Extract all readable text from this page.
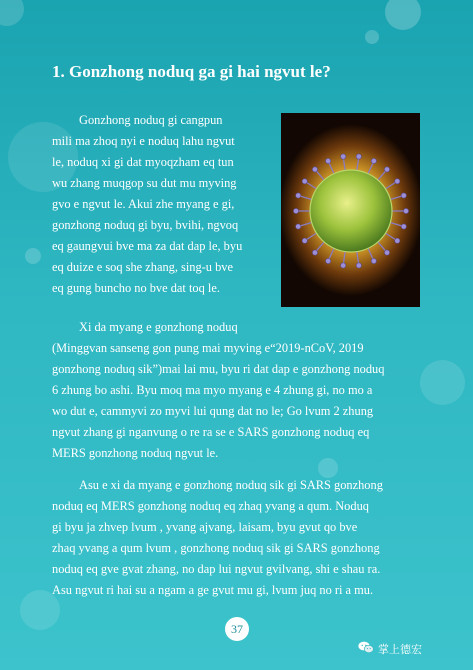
1. Gonzhong noduq ga gi hai ngvut le?

Gonzhong noduq gi cangpun
mili ma zhoq nyi e noduq lahu ngvut
le, noduq xi gi dat myoqzham eq tun
wu zhang muqgop su dut mu myving
gvo e ngvut le. Akui zhe myang e gi,
gonzhong noduq gi byu, bvihi, ngvoq
eq gaungvui bve ma za dat dap le, byu
eq duize e soq she zhang, sing-u bve
eq gung buncho no bve dat toq le.

Xi da myang e gonzhong noduq
(Minggvan sanseng gon pung mai myving e“2019-nCoV, 2019
gonzhong noduq sik”)mai lai mu, byu ri dat dap e gonzhong noduq
6 zhung bo ashi. Byu moq ma myo myang e 4 zhung gi, no mo a
wo dut e, cammyvi zo myvi lui qung dat no le; Go lvum 2 zhung
ngvut zhang gi nganvung o re ra se e SARS gonzhong noduq eq
MERS gonzhong noduq ngvut le.

Asu e xi da myang e gonzhong noduq sik gi SARS gonzhong
noduq eq MERS gonzhong noduq eq zhaq yvang a qum. Noduq
gi byu ja zhvep lvum , yvang ajvang, laisam, byu gvut qo bve
zhaq yvang a qum lvum , gonzhong noduq sik gi SARS gonzhong
noduq eq gve gvat zhang, no dap lui ngvut gvilvang, shi e shau ra.
Asu ngvut ri hai su a ngam a ge gvut mu gi, lvum juq no ri a mu.

37
掌上德宏
